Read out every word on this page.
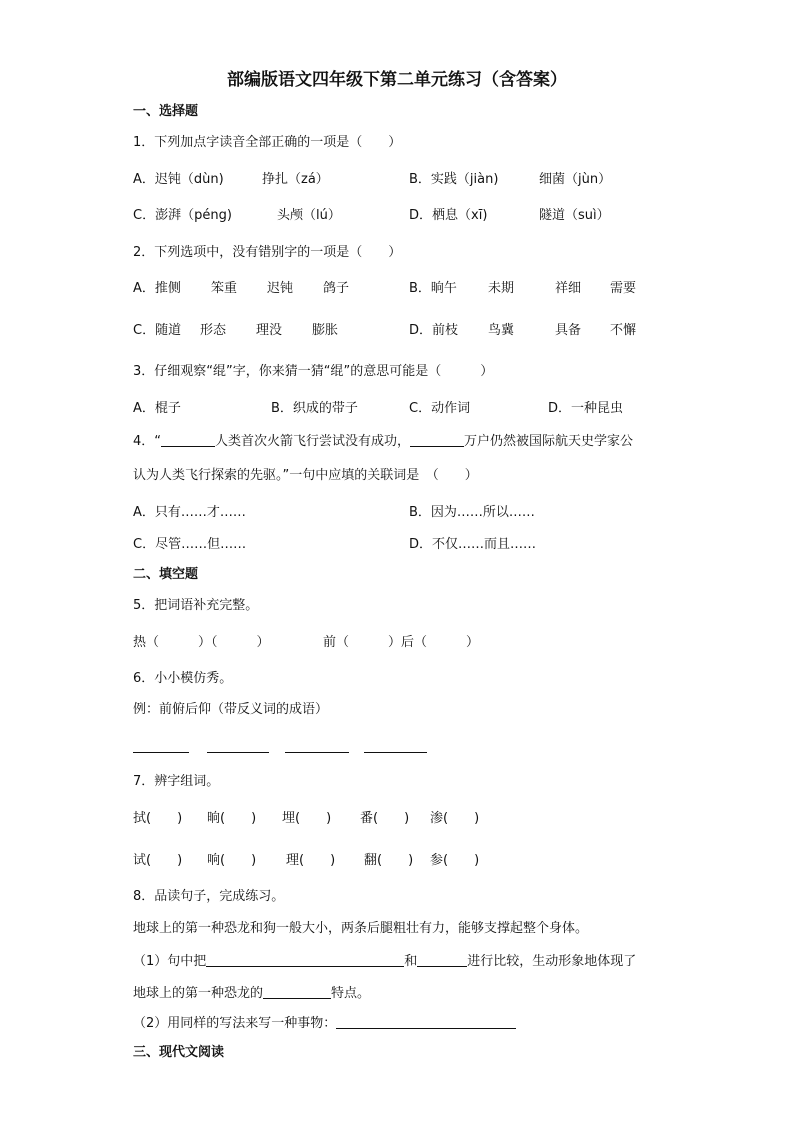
部编版语文四年级下第二单元练习（含答案）
一、选择题
1．下列加点字读音全部正确的一项是（　　）
A．迟钝（dùn)	挣扎（zá）	B．实践（jiàn)	细菌（jùn）
C．澎湃（péng)	头颅（lú）	D．栖息（xī)	隧道（suì）
2．下列选项中，没有错别字的一项是（　　）
A．推侧 笨重 迟钝 鸽子	B．晌午 未期	祥细 需要
C．随道 形态 理没 膨胀	D．前枝 鸟冀	具备 不懈
3．仔细观察“绲”字，你来猜一猜“绲”的意思可能是（　　　）
A．棍子	B．织成的带子	C．动作词	D．一种昆虫
4．“	人类首次火箭飞行尝试没有成功，	万户仍然被国际航天史学家公
认为人类飞行探索的先驱。”一句中应填的关联词是　（　　）
A．只有……才……	B．因为……所以……
C．尽管……但……	D．不仅……而且……
二、填空题
5．把词语补充完整。
热（　　　）（　　　）	前（　　　）后（　　　）
6．小小模仿秀。
例：前俯后仰（带反义词的成语）
7．辨字组词。
拭(　　) 晌(　　) 埋(　　) 番(　　) 渗(　　)
试(　　) 响(　　) 理(　　) 翻(　　) 参(　　)
8．品读句子，完成练习。
地球上的第一种恐龙和狗一般大小，两条后腿粗壮有力，能够支撑起整个身体。
（1）句中把	和	进行比较，生动形象地体现了
地球上的第一种恐龙的	特点。
（2）用同样的写法来写一种事物：
三、现代文阅读
